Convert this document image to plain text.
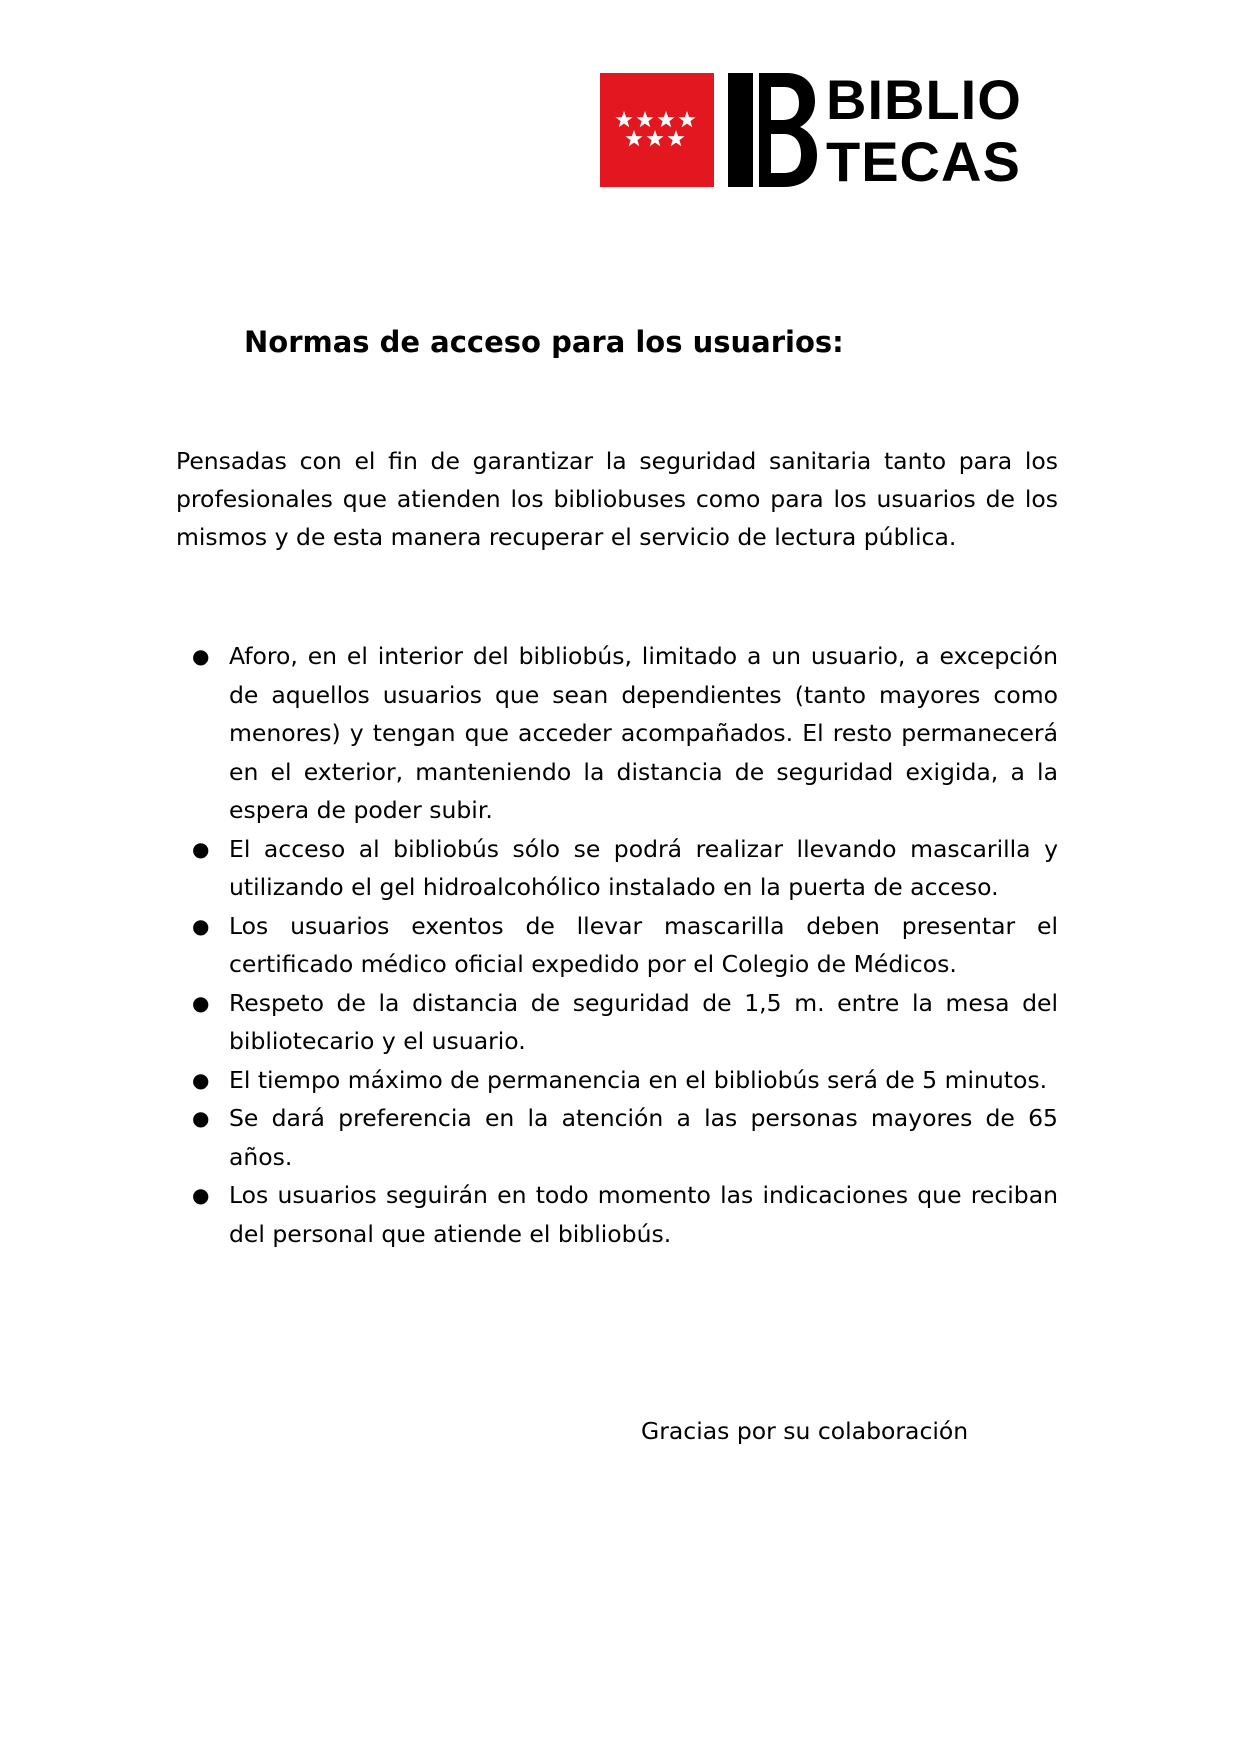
BIBLIO
TECAS
Normas de acceso para los usuarios:

Pensadas con el fin de garantizar la seguridad sanitaria tanto para los profesionales que atienden los bibliobuses como para los usuarios de los mismos y de esta manera recuperar el servicio de lectura pública.

● Aforo, en el interior del bibliobús, limitado a un usuario, a excepción de aquellos usuarios que sean dependientes (tanto mayores como menores) y tengan que acceder acompañados. El resto permanecerá en el exterior, manteniendo la distancia de seguridad exigida, a la espera de poder subir.
● El acceso al bibliobús sólo se podrá realizar llevando mascarilla y utilizando el gel hidroalcohólico instalado en la puerta de acceso.
● Los usuarios exentos de llevar mascarilla deben presentar el certificado médico oficial expedido por el Colegio de Médicos.
● Respeto de la distancia de seguridad de 1,5 m. entre la mesa del bibliotecario y el usuario.
● El tiempo máximo de permanencia en el bibliobús será de 5 minutos.
● Se dará preferencia en la atención a las personas mayores de 65 años.
● Los usuarios seguirán en todo momento las indicaciones que reciban del personal que atiende el bibliobús.

Gracias por su colaboración
